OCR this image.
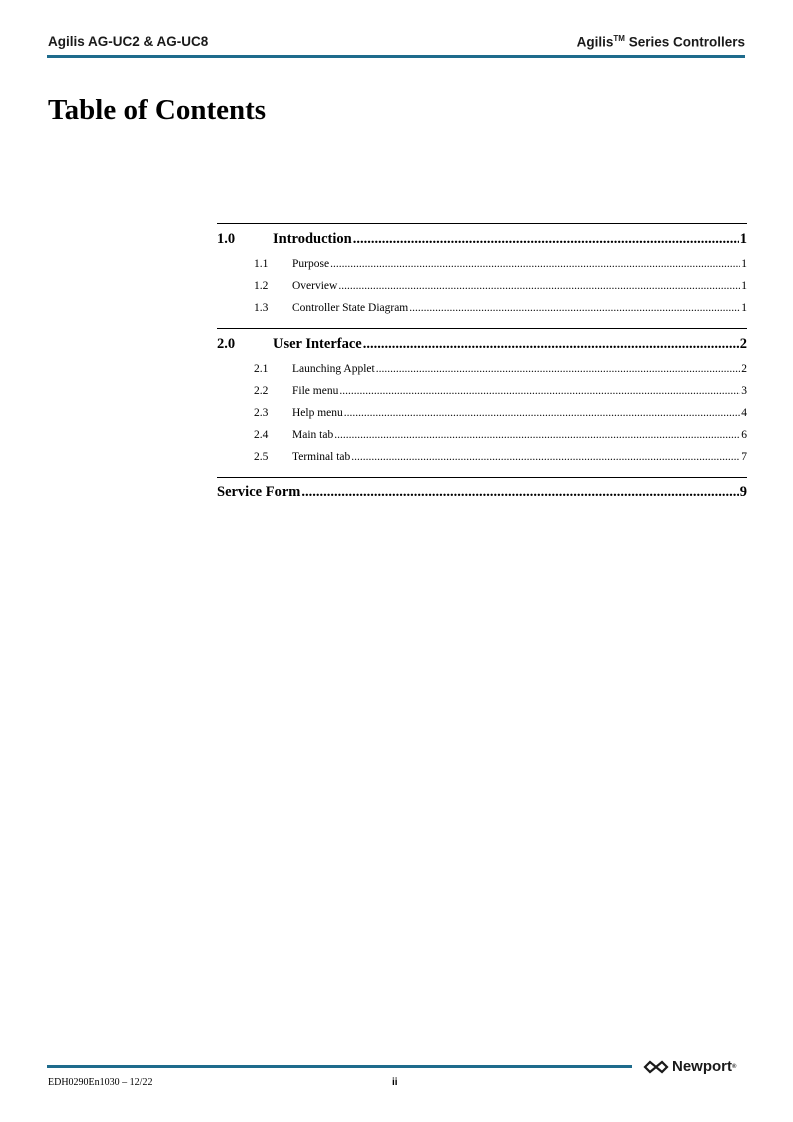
Agilis AG-UC2 & AG-UC8	Agilis™ Series Controllers
Table of Contents
1.0	Introduction .....	1
1.1	Purpose .....	1
1.2	Overview .....	1
1.3	Controller State Diagram .....	1
2.0	User Interface .....	2
2.1	Launching Applet .....	2
2.2	File menu .....	3
2.3	Help menu .....	4
2.4	Main tab .....	6
2.5	Terminal tab .....	7
Service Form .....	9
Newport ®
EDH0290En1030 – 12/22	ii
